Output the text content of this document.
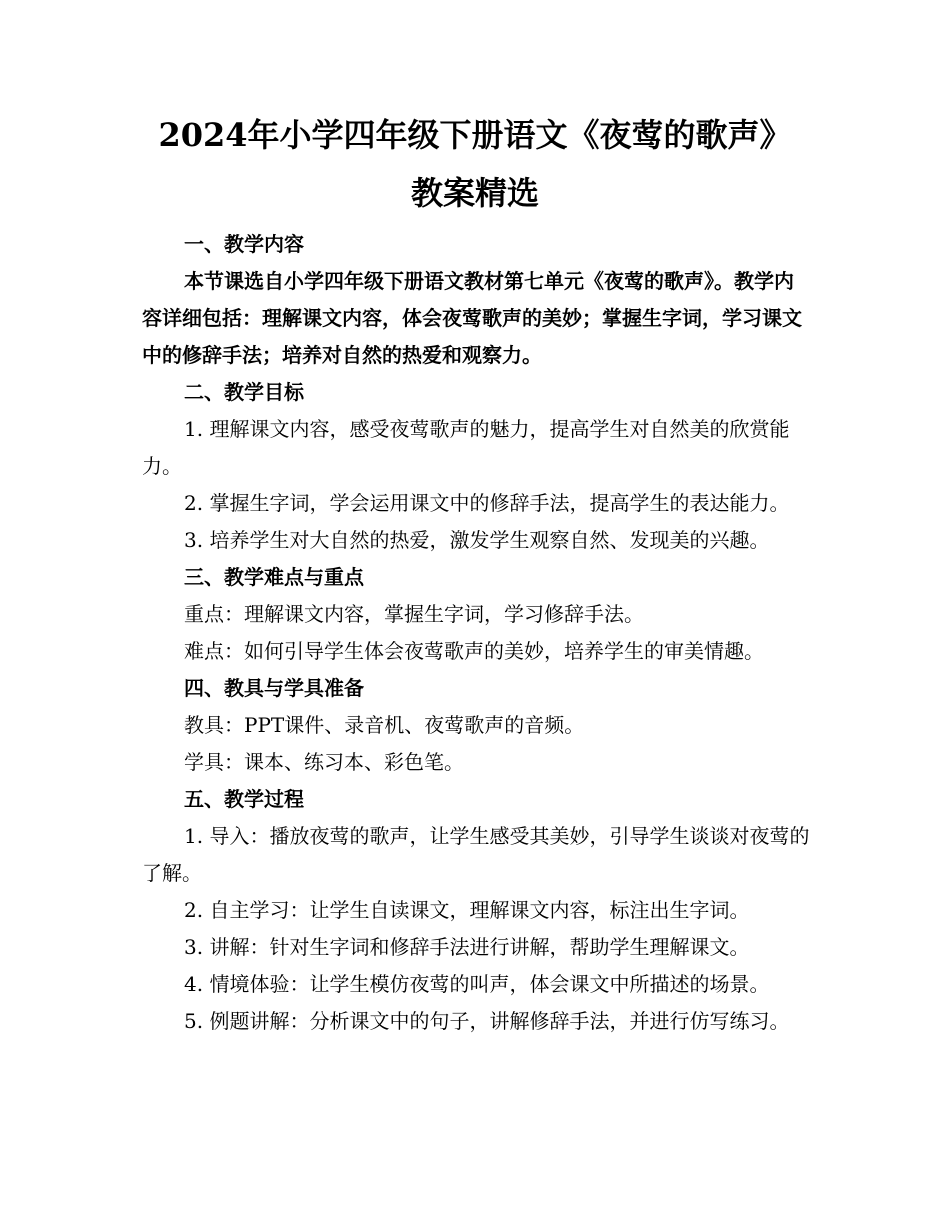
2024年小学四年级下册语文《夜莺的歌声》
教案精选

一、教学内容

本节课选自小学四年级下册语文教材第七单元《夜莺的歌声》。教学内容详细包括：理解课文内容，体会夜莺歌声的美妙；掌握生字词，学习课文中的修辞手法；培养对自然的热爱和观察力。

二、教学目标

1. 理解课文内容，感受夜莺歌声的魅力，提高学生对自然美的欣赏能力。

2. 掌握生字词，学会运用课文中的修辞手法，提高学生的表达能力。

3. 培养学生对大自然的热爱，激发学生观察自然、发现美的兴趣。

三、教学难点与重点

重点：理解课文内容，掌握生字词，学习修辞手法。

难点：如何引导学生体会夜莺歌声的美妙，培养学生的审美情趣。

四、教具与学具准备

教具：PPT课件、录音机、夜莺歌声的音频。

学具：课本、练习本、彩色笔。

五、教学过程

1. 导入：播放夜莺的歌声，让学生感受其美妙，引导学生谈谈对夜莺的了解。

2. 自主学习：让学生自读课文，理解课文内容，标注出生字词。

3. 讲解：针对生字词和修辞手法进行讲解，帮助学生理解课文。

4. 情境体验：让学生模仿夜莺的叫声，体会课文中所描述的场景。

5. 例题讲解：分析课文中的句子，讲解修辞手法，并进行仿写练习。
